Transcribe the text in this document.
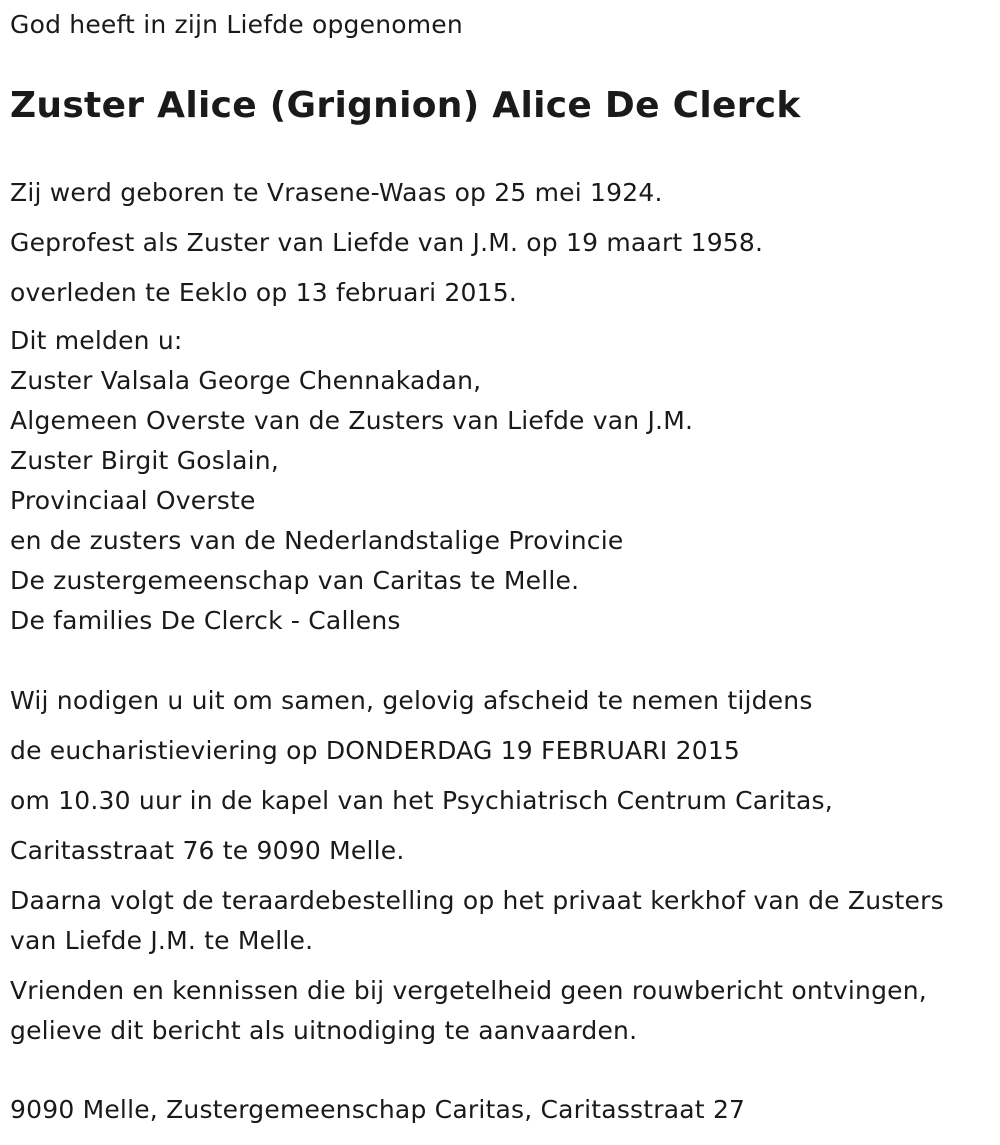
God heeft in zijn Liefde opgenomen
Zuster Alice (Grignion) Alice De Clerck
Zij werd geboren te Vrasene-Waas op 25 mei 1924.
Geprofest als Zuster van Liefde van J.M. op 19 maart 1958.
overleden te Eeklo op 13 februari 2015.
Dit melden u:
Zuster Valsala George Chennakadan,
Algemeen Overste van de Zusters van Liefde van J.M.
Zuster Birgit Goslain,
Provinciaal Overste
en de zusters van de Nederlandstalige Provincie
De zustergemeenschap van Caritas te Melle.
De families De Clerck - Callens
Wij nodigen u uit om samen, gelovig afscheid te nemen tijdens
de eucharistieviering op DONDERDAG 19 FEBRUARI 2015
om 10.30 uur in de kapel van het Psychiatrisch Centrum Caritas,
Caritasstraat 76 te 9090 Melle.
Daarna volgt de teraardebestelling op het privaat kerkhof van de Zusters
van Liefde J.M. te Melle.
Vrienden en kennissen die bij vergetelheid geen rouwbericht ontvingen,
gelieve dit bericht als uitnodiging te aanvaarden.
9090 Melle, Zustergemeenschap Caritas, Caritasstraat 27
